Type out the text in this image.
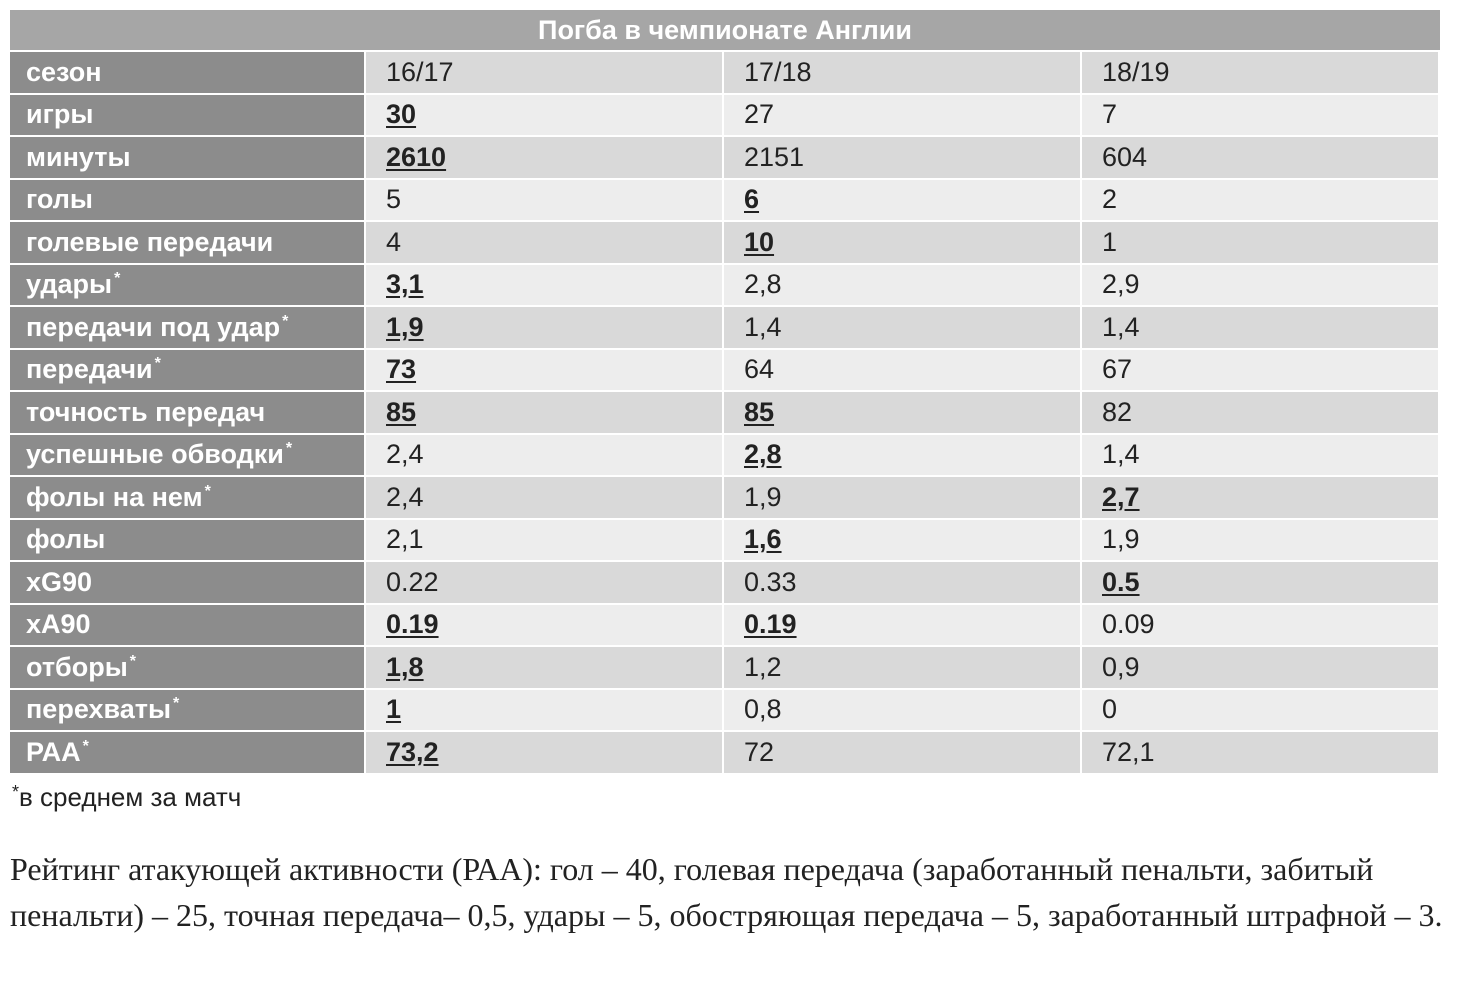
Погба в чемпионате Англии			
сезон	16/17	17/18	18/19
игры	30	27	7
минуты	2610	2151	604
голы	5	6	2
голевые передачи	4	10	1
удары *	3,1	2,8	2,9
передачи под удар *	1,9	1,4	1,4
передачи *	73	64	67
точность передач	85	85	82
успешные обводки *	2,4	2,8	1,4
фолы на нем *	2,4	1,9	2,7
фолы	2,1	1,6	1,9
xG90	0.22	0.33	0.5
xA90	0.19	0.19	0.09
отборы *	1,8	1,2	0,9
перехваты *	1	0,8	0
РАА *	73,2	72	72,1
*в среднем за матч
Рейтинг атакующей активности (РАА): гол – 40, голевая передача (заработанный пенальти, забитый пенальти) – 25, точная передача– 0,5, удары – 5, обостряющая передача – 5, заработанный штрафной – 3.
